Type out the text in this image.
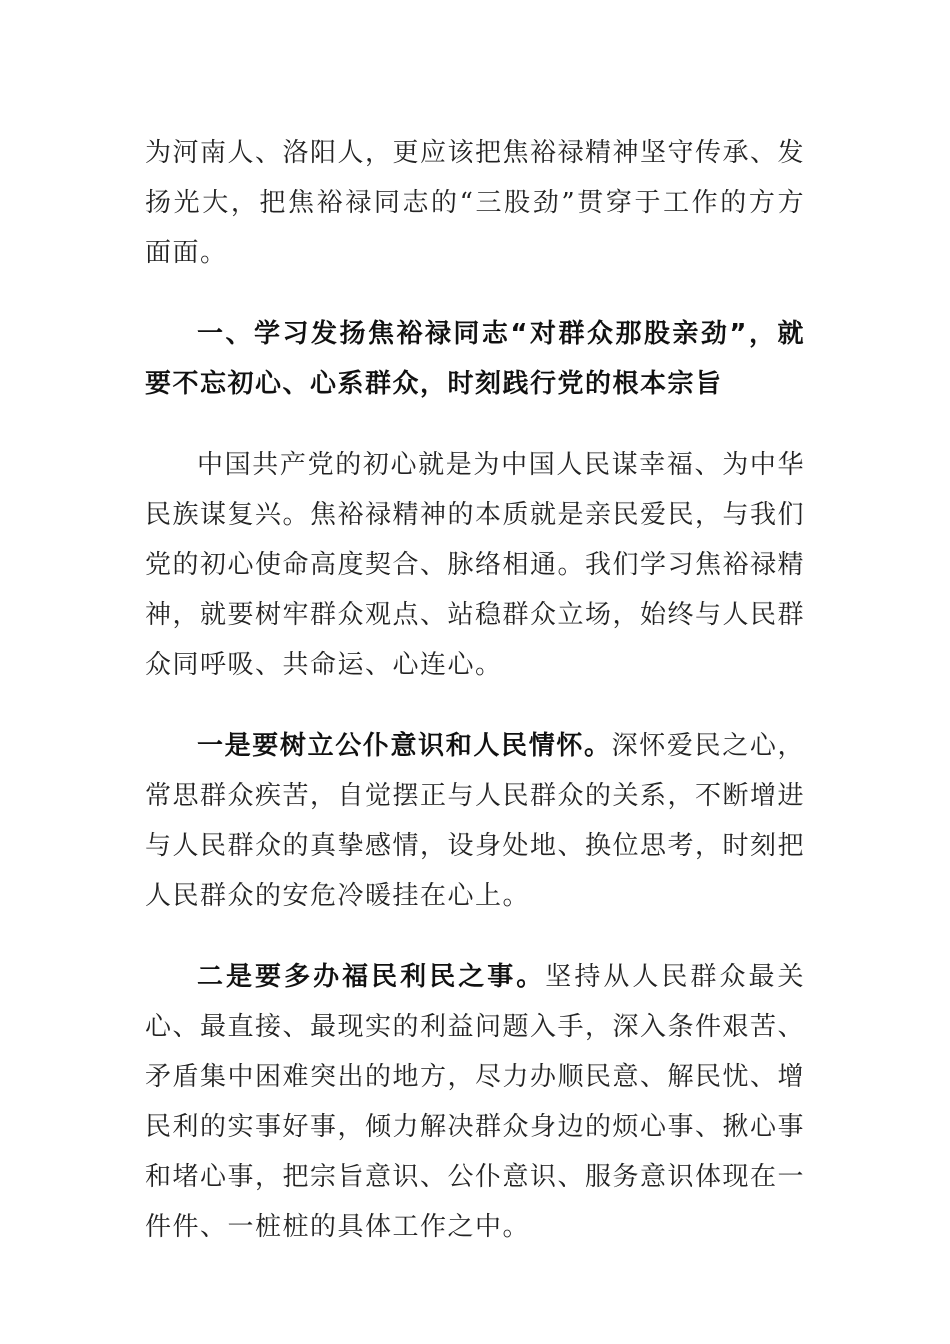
为河南人、洛阳人，更应该把焦裕禄精神坚守传承、发扬光大，把焦裕禄同志的“三股劲”贯穿于工作的方方面面。

一、学习发扬焦裕禄同志“对群众那股亲劲”，就要不忘初心、心系群众，时刻践行党的根本宗旨

中国共产党的初心就是为中国人民谋幸福、为中华民族谋复兴。焦裕禄精神的本质就是亲民爱民，与我们党的初心使命高度契合、脉络相通。我们学习焦裕禄精神，就要树牢群众观点、站稳群众立场，始终与人民群众同呼吸、共命运、心连心。

一是要树立公仆意识和人民情怀。深怀爱民之心，常思群众疾苦，自觉摆正与人民群众的关系，不断增进与人民群众的真挚感情，设身处地、换位思考，时刻把人民群众的安危冷暖挂在心上。

二是要多办福民利民之事。坚持从人民群众最关心、最直接、最现实的利益问题入手，深入条件艰苦、矛盾集中困难突出的地方，尽力办顺民意、解民忧、增民利的实事好事，倾力解决群众身边的烦心事、揪心事和堵心事，把宗旨意识、公仆意识、服务意识体现在一件件、一桩桩的具体工作之中。
